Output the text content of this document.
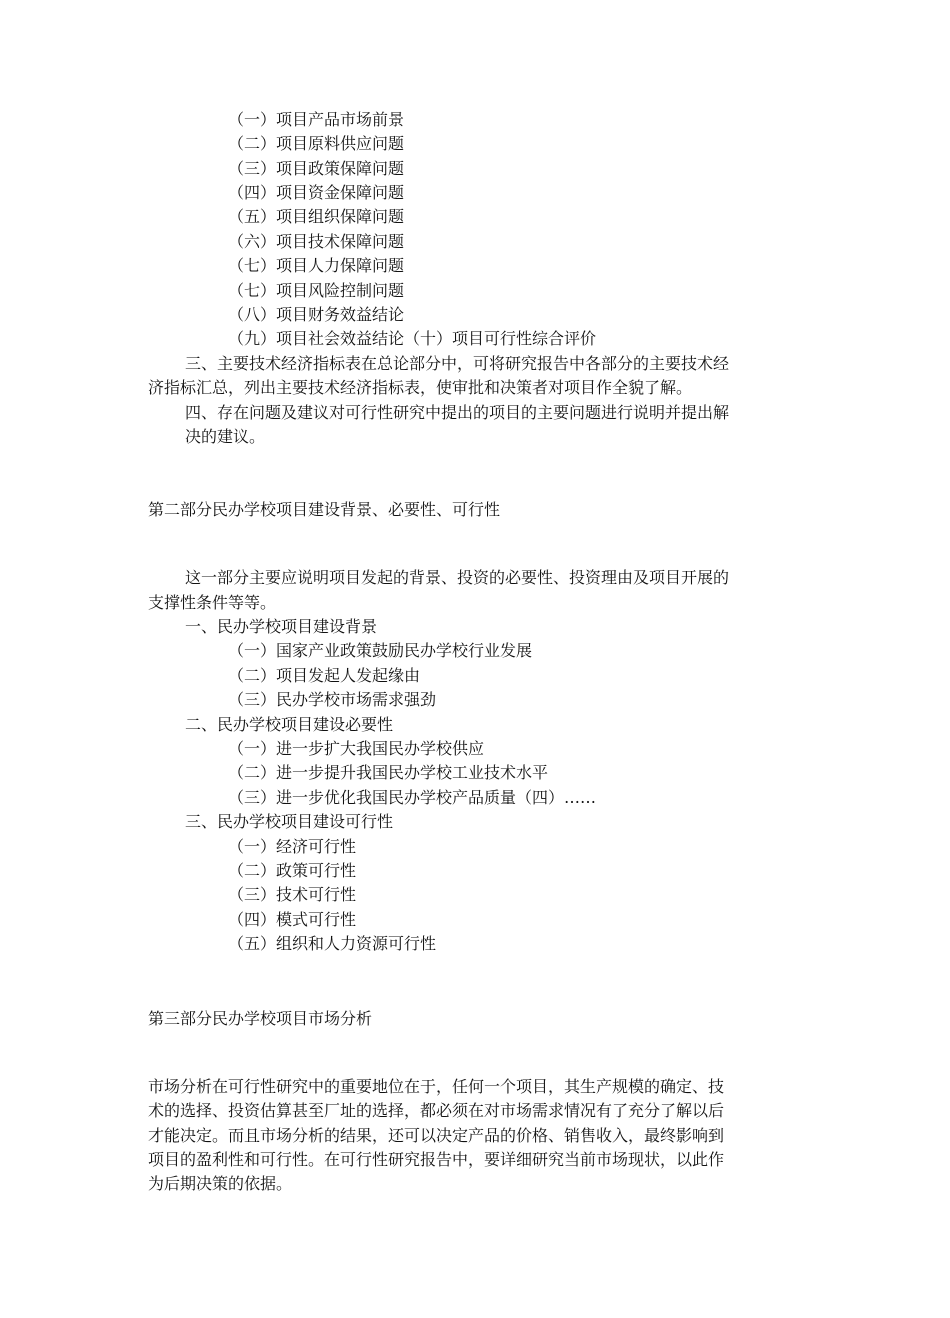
（一）项目产品市场前景
（二）项目原料供应问题
（三）项目政策保障问题
（四）项目资金保障问题
（五）项目组织保障问题
（六）项目技术保障问题
（七）项目人力保障问题
（七）项目风险控制问题
（八）项目财务效益结论
（九）项目社会效益结论（十）项目可行性综合评价
三、主要技术经济指标表在总论部分中，可将研究报告中各部分的主要技术经
济指标汇总，列出主要技术经济指标表，使审批和决策者对项目作全貌了解。
四、存在问题及建议对可行性研究中提出的项目的主要问题进行说明并提出解
决的建议。
第二部分民办学校项目建设背景、必要性、可行性
这一部分主要应说明项目发起的背景、投资的必要性、投资理由及项目开展的
支撑性条件等等。
一、民办学校项目建设背景
（一）国家产业政策鼓励民办学校行业发展
（二）项目发起人发起缘由
（三）民办学校市场需求强劲
二、民办学校项目建设必要性
（一）进一步扩大我国民办学校供应
（二）进一步提升我国民办学校工业技术水平
（三）进一步优化我国民办学校产品质量（四）……
三、民办学校项目建设可行性
（一）经济可行性
（二）政策可行性
（三）技术可行性
（四）模式可行性
（五）组织和人力资源可行性
第三部分民办学校项目市场分析
市场分析在可行性研究中的重要地位在于，任何一个项目，其生产规模的确定、技
术的选择、投资估算甚至厂址的选择，都必须在对市场需求情况有了充分了解以后
才能决定。而且市场分析的结果，还可以决定产品的价格、销售收入，最终影响到
项目的盈利性和可行性。在可行性研究报告中，要详细研究当前市场现状，以此作
为后期决策的依据。
